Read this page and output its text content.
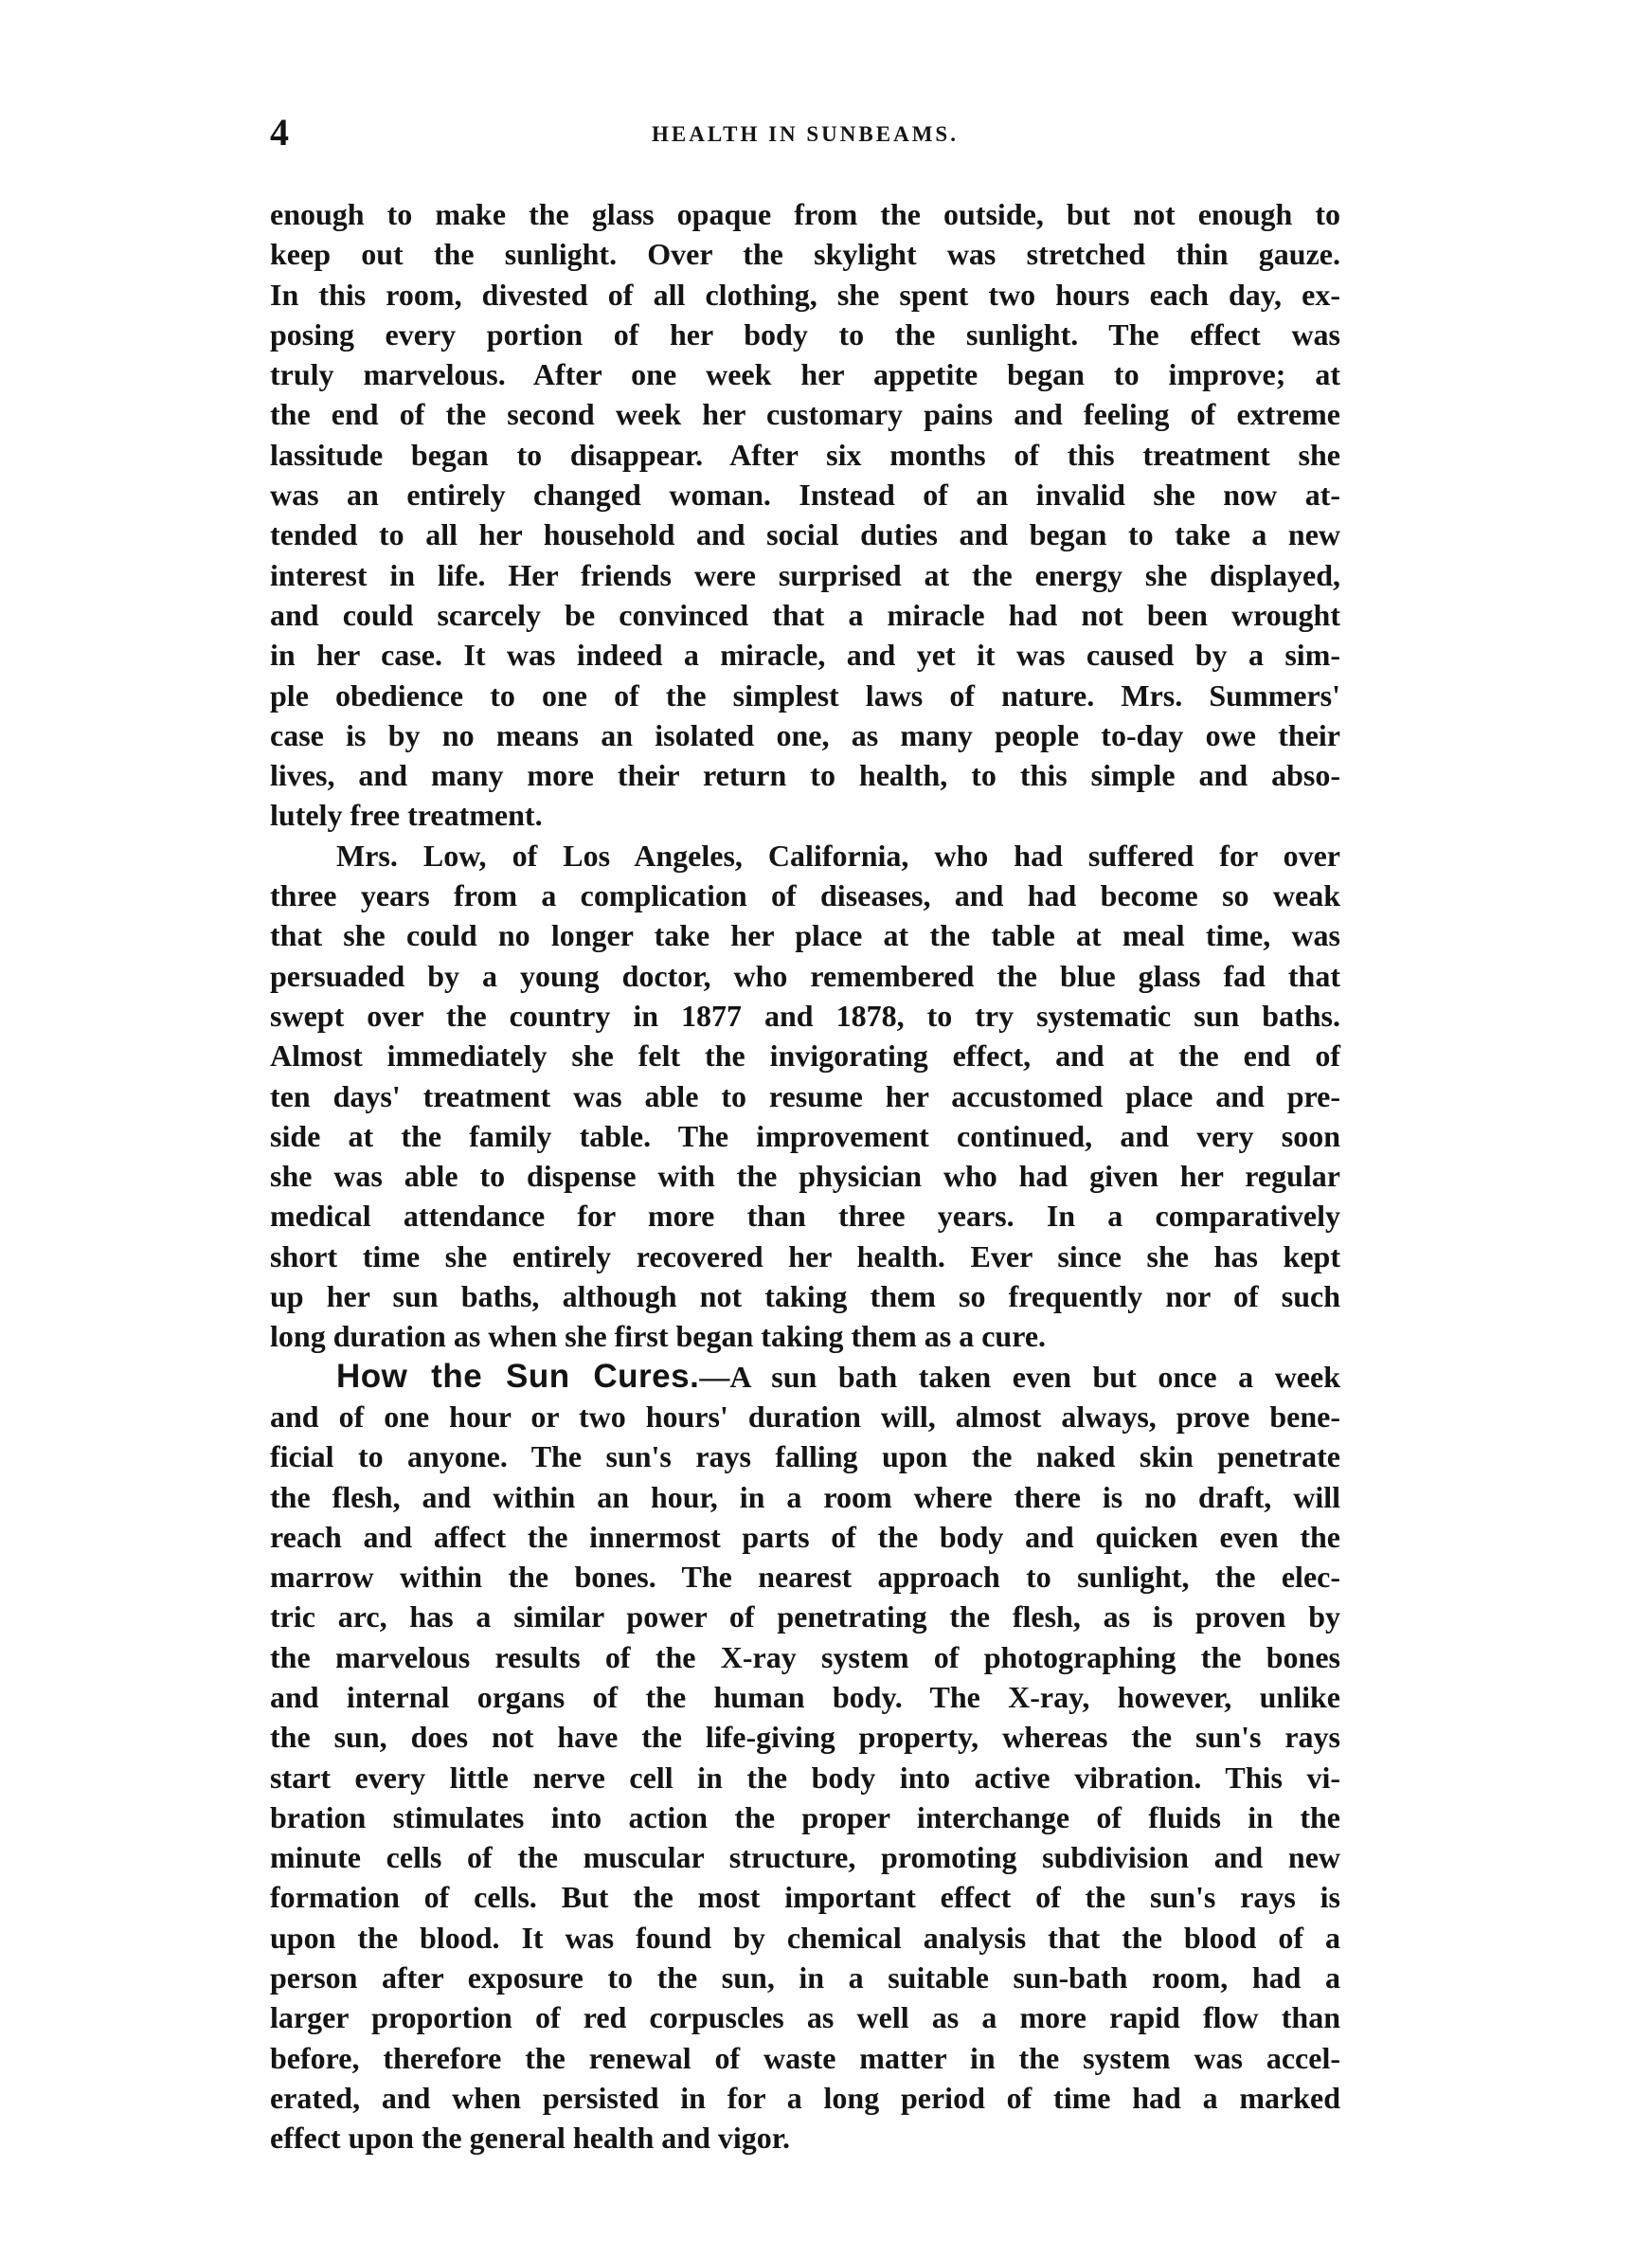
4	HEALTH IN SUNBEAMS.
enough to make the glass opaque from the outside, but not enough to
keep out the sunlight. Over the skylight was stretched thin gauze.
In this room, divested of all clothing, she spent two hours each day, ex-
posing every portion of her body to the sunlight. The effect was
truly marvelous. After one week her appetite began to improve; at
the end of the second week her customary pains and feeling of extreme
lassitude began to disappear. After six months of this treatment she
was an entirely changed woman. Instead of an invalid she now at-
tended to all her household and social duties and began to take a new
interest in life. Her friends were surprised at the energy she displayed,
and could scarcely be convinced that a miracle had not been wrought
in her case. It was indeed a miracle, and yet it was caused by a sim-
ple obedience to one of the simplest laws of nature. Mrs. Summers'
case is by no means an isolated one, as many people to-day owe their
lives, and many more their return to health, to this simple and abso-
lutely free treatment.
Mrs. Low, of Los Angeles, California, who had suffered for over
three years from a complication of diseases, and had become so weak
that she could no longer take her place at the table at meal time, was
persuaded by a young doctor, who remembered the blue glass fad that
swept over the country in 1877 and 1878, to try systematic sun baths.
Almost immediately she felt the invigorating effect, and at the end of
ten days' treatment was able to resume her accustomed place and pre-
side at the family table. The improvement continued, and very soon
she was able to dispense with the physician who had given her regular
medical attendance for more than three years. In a comparatively
short time she entirely recovered her health. Ever since she has kept
up her sun baths, although not taking them so frequently nor of such
long duration as when she first began taking them as a cure.
How the Sun Cures.—A sun bath taken even but once a week
and of one hour or two hours' duration will, almost always, prove bene-
ficial to anyone. The sun's rays falling upon the naked skin penetrate
the flesh, and within an hour, in a room where there is no draft, will
reach and affect the innermost parts of the body and quicken even the
marrow within the bones. The nearest approach to sunlight, the elec-
tric arc, has a similar power of penetrating the flesh, as is proven by
the marvelous results of the X-ray system of photographing the bones
and internal organs of the human body. The X-ray, however, unlike
the sun, does not have the life-giving property, whereas the sun's rays
start every little nerve cell in the body into active vibration. This vi-
bration stimulates into action the proper interchange of fluids in the
minute cells of the muscular structure, promoting subdivision and new
formation of cells. But the most important effect of the sun's rays is
upon the blood. It was found by chemical analysis that the blood of a
person after exposure to the sun, in a suitable sun-bath room, had a
larger proportion of red corpuscles as well as a more rapid flow than
before, therefore the renewal of waste matter in the system was accel-
erated, and when persisted in for a long period of time had a marked
effect upon the general health and vigor.
